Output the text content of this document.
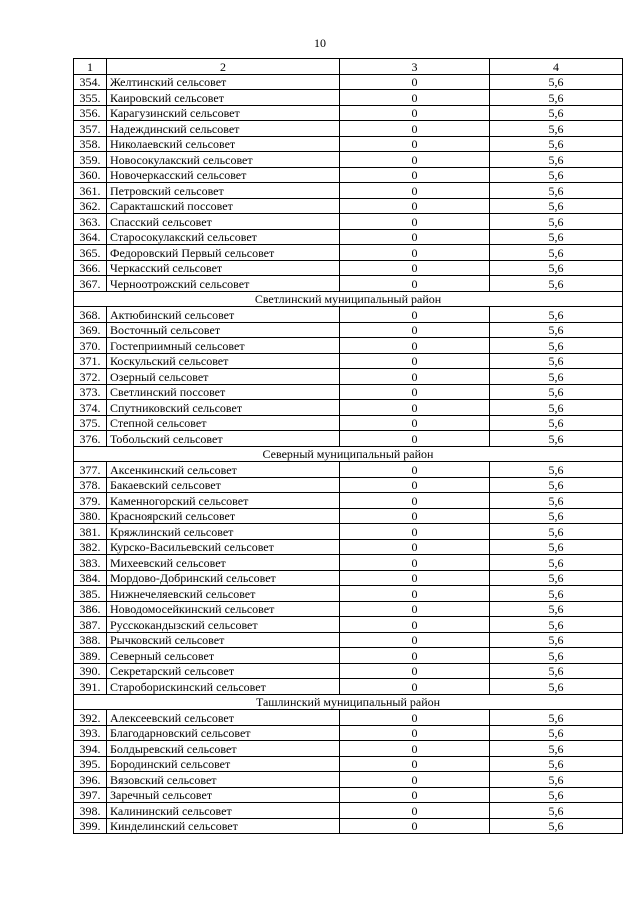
10
1	2	3	4
354.	Желтинский сельсовет	0	5,6
355.	Каировский сельсовет	0	5,6
356.	Карагузинский сельсовет	0	5,6
357.	Надеждинский сельсовет	0	5,6
358.	Николаевский сельсовет	0	5,6
359.	Новосокулакский сельсовет	0	5,6
360.	Новочеркасский сельсовет	0	5,6
361.	Петровский сельсовет	0	5,6
362.	Саракташский поссовет	0	5,6
363.	Спасский сельсовет	0	5,6
364.	Старосокулакский сельсовет	0	5,6
365.	Федоровский Первый сельсовет	0	5,6
366.	Черкасский сельсовет	0	5,6
367.	Черноотрожский сельсовет	0	5,6
Светлинский муниципальный район			
368.	Актюбинский сельсовет	0	5,6
369.	Восточный сельсовет	0	5,6
370.	Гостеприимный сельсовет	0	5,6
371.	Коскульский сельсовет	0	5,6
372.	Озерный сельсовет	0	5,6
373.	Светлинский поссовет	0	5,6
374.	Спутниковский сельсовет	0	5,6
375.	Степной сельсовет	0	5,6
376.	Тобольский сельсовет	0	5,6
Северный муниципальный район			
377.	Аксенкинский сельсовет	0	5,6
378.	Бакаевский сельсовет	0	5,6
379.	Каменногорский сельсовет	0	5,6
380.	Красноярский сельсовет	0	5,6
381.	Кряжлинский сельсовет	0	5,6
382.	Курско-Васильевский сельсовет	0	5,6
383.	Михеевский сельсовет	0	5,6
384.	Мордово-Добринский сельсовет	0	5,6
385.	Нижнечеляевский сельсовет	0	5,6
386.	Новодомосейкинский сельсовет	0	5,6
387.	Русскокандызский сельсовет	0	5,6
388.	Рычковский сельсовет	0	5,6
389.	Северный сельсовет	0	5,6
390.	Секретарский сельсовет	0	5,6
391.	Староборискинский сельсовет	0	5,6
Ташлинский муниципальный район			
392.	Алексеевский сельсовет	0	5,6
393.	Благодарновский сельсовет	0	5,6
394.	Болдыревский сельсовет	0	5,6
395.	Бородинский сельсовет	0	5,6
396.	Вязовский сельсовет	0	5,6
397.	Заречный сельсовет	0	5,6
398.	Калининский сельсовет	0	5,6
399.	Кинделинский сельсовет	0	5,6
